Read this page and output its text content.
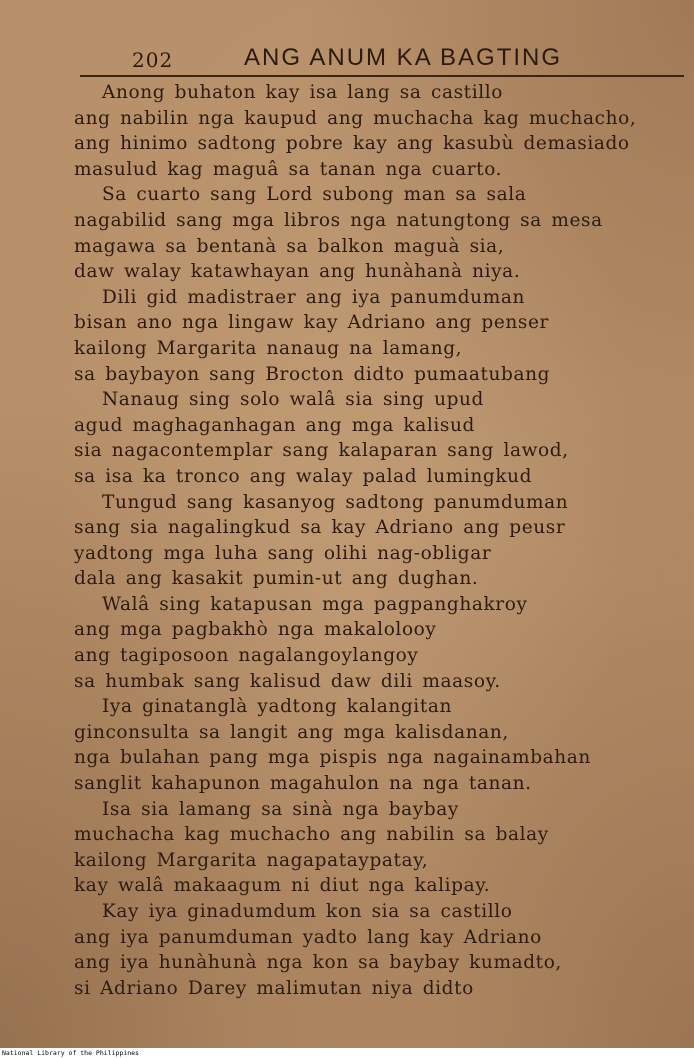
202	ANG ANUM KA BAGTING
Anong buhaton kay isa lang sa castillo
ang nabilin nga kaupud ang muchacha kag muchacho,
ang hinimo sadtong pobre kay ang kasubù demasiado
masulud kag maguâ sa tanan nga cuarto.
Sa cuarto sang Lord subong man sa sala
nagabilid sang mga libros nga natungtong sa mesa
magawa sa bentanà sa balkon maguà sia,
daw walay katawhayan ang hunàhanà niya.
Dili gid madistraer ang iya panumduman
bisan ano nga lingaw kay Adriano ang penser
kailong Margarita nanaug na lamang,
sa baybayon sang Brocton didto pumaatubang
Nanaug sing solo walâ sia sing upud
agud maghaganhagan ang mga kalisud
sia nagacontemplar sang kalaparan sang lawod,
sa isa ka tronco ang walay palad lumingkud
Tungud sang kasanyog sadtong panumduman
sang sia nagalingkud sa kay Adriano ang peusr
yadtong mga luha sang olihi nag-obligar
dala ang kasakit pumin-ut ang dughan.
Walâ sing katapusan mga pagpanghakroy
ang mga pagbakhò nga makalolooy
ang tagiposoon nagalangoylangoy
sa humbak sang kalisud daw dili maasoy.
Iya ginatanglà yadtong kalangitan
ginconsulta sa langit ang mga kalisdanan,
nga bulahan pang mga pispis nga nagainambahan
sanglit kahapunon magahulon na nga tanan.
Isa sia lamang sa sinà nga baybay
muchacha kag muchacho ang nabilin sa balay
kailong Margarita nagapataypatay,
kay walâ makaagum ni diut nga kalipay.
Kay iya ginadumdum kon sia sa castillo
ang iya panumduman yadto lang kay Adriano
ang iya hunàhunà nga kon sa baybay kumadto,
si Adriano Darey malimutan niya didto
National Library of the Philippines
